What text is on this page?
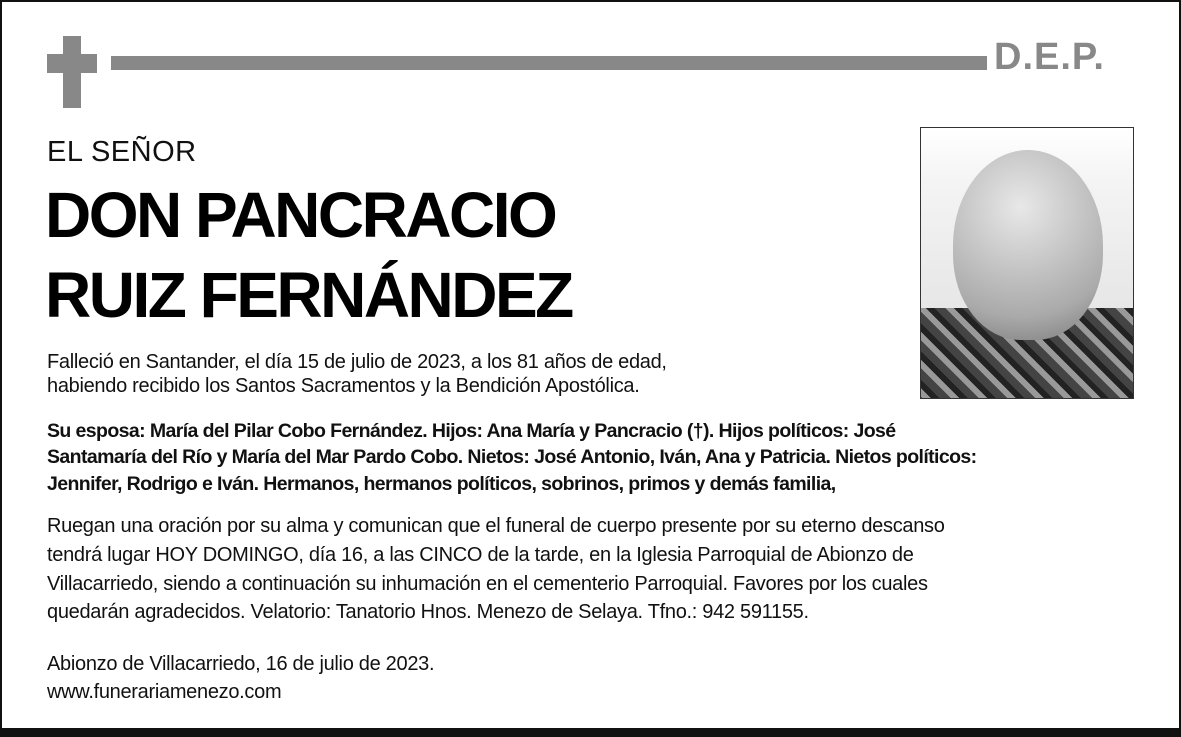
D.E.P.
EL SEÑOR
DON PANCRACIO
RUIZ FERNÁNDEZ
Falleció en Santander, el día 15 de julio de 2023, a los 81 años de edad,
habiendo recibido los Santos Sacramentos y la Bendición Apostólica.
Su esposa: María del Pilar Cobo Fernández. Hijos: Ana María y Pancracio (†). Hijos políticos: José
Santamaría del Río y María del Mar Pardo Cobo. Nietos: José Antonio, Iván, Ana y Patricia. Nietos políticos:
Jennifer, Rodrigo e Iván. Hermanos, hermanos políticos, sobrinos, primos y demás familia,
Ruegan una oración por su alma y comunican que el funeral de cuerpo presente por su eterno descanso
tendrá lugar HOY DOMINGO, día 16, a las CINCO de la tarde, en la Iglesia Parroquial de Abionzo de
Villacarriedo, siendo a continuación su inhumación en el cementerio Parroquial. Favores por los cuales
quedarán agradecidos. Velatorio: Tanatorio Hnos. Menezo de Selaya. Tfno.: 942 591155.
Abionzo de Villacarriedo, 16 de julio de 2023.
www.funerariamenezo.com
